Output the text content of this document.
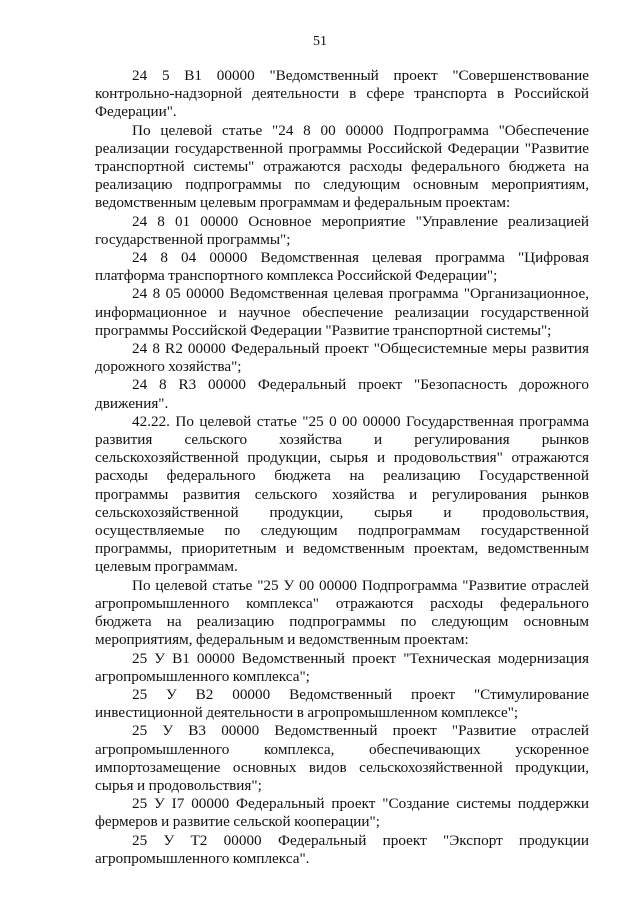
51

24 5 В1 00000 "Ведомственный проект "Совершенствование контрольно-надзорной деятельности в сфере транспорта в Российской Федерации".

По целевой статье "24 8 00 00000 Подпрограмма "Обеспечение реализации государственной программы Российской Федерации "Развитие транспортной системы" отражаются расходы федерального бюджета на реализацию подпрограммы по следующим основным мероприятиям, ведомственным целевым программам и федеральным проектам:

24 8 01 00000 Основное мероприятие "Управление реализацией государственной программы";

24 8 04 00000 Ведомственная целевая программа "Цифровая платформа транспортного комплекса Российской Федерации";

24 8 05 00000 Ведомственная целевая программа "Организационное, информационное и научное обеспечение реализации государственной программы Российской Федерации "Развитие транспортной системы";

24 8 R2 00000 Федеральный проект "Общесистемные меры развития дорожного хозяйства";

24 8 R3 00000 Федеральный проект "Безопасность дорожного движения".

42.22. По целевой статье "25 0 00 00000 Государственная программа развития сельского хозяйства и регулирования рынков сельскохозяйственной продукции, сырья и продовольствия" отражаются расходы федерального бюджета на реализацию Государственной программы развития сельского хозяйства и регулирования рынков сельскохозяйственной продукции, сырья и продовольствия, осуществляемые по следующим подпрограммам государственной программы, приоритетным и ведомственным проектам, ведомственным целевым программам.

По целевой статье "25 У 00 00000 Подпрограмма "Развитие отраслей агропромышленного комплекса" отражаются расходы федерального бюджета на реализацию подпрограммы по следующим основным мероприятиям, федеральным и ведомственным проектам:

25 У В1 00000 Ведомственный проект "Техническая модернизация агропромышленного комплекса";

25 У В2 00000 Ведомственный проект "Стимулирование инвестиционной деятельности в агропромышленном комплексе";

25 У В3 00000 Ведомственный проект "Развитие отраслей агропромышленного комплекса, обеспечивающих ускоренное импортозамещение основных видов сельскохозяйственной продукции, сырья и продовольствия";

25 У I7 00000 Федеральный проект "Создание системы поддержки фермеров и развитие сельской кооперации";

25 У Т2 00000 Федеральный проект "Экспорт продукции агропромышленного комплекса".
